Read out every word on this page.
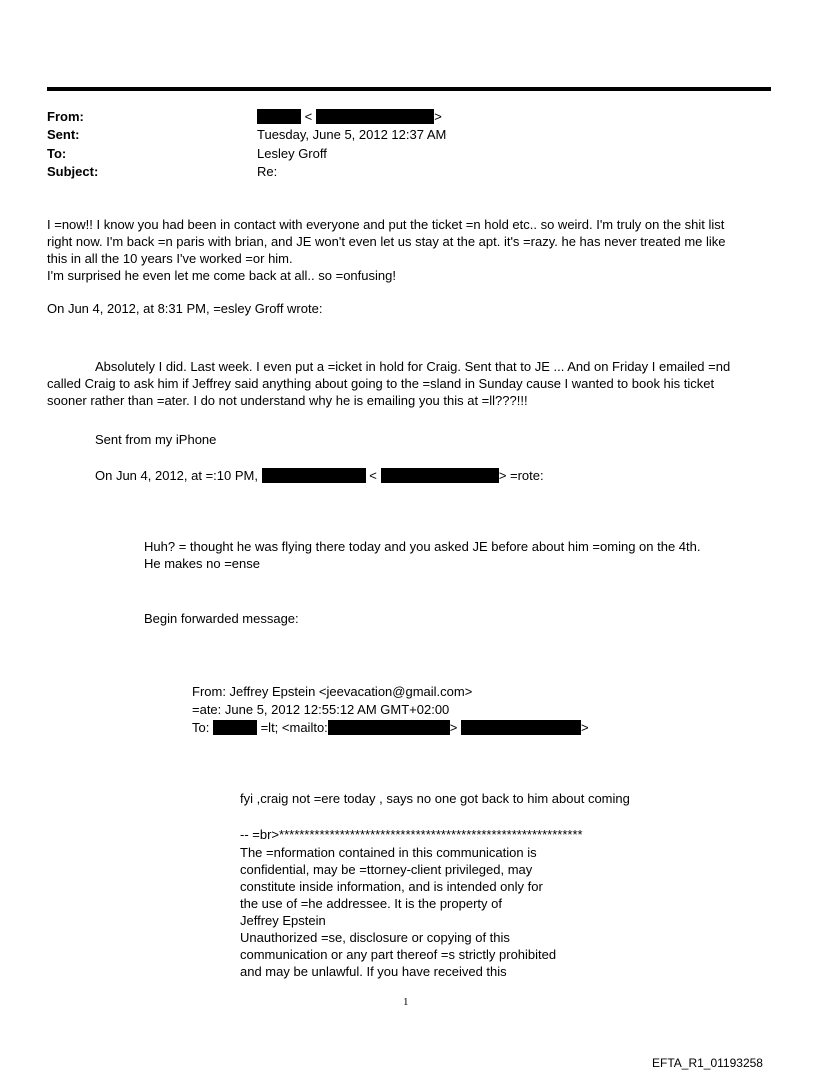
From:	<	>
Sent:	Tuesday, June 5, 2012 12:37 AM
To:	Lesley Groff
Subject:	Re:

I =now!! I know you had been in contact with everyone and put the ticket =n hold etc.. so weird. I'm truly on the shit list

right now. I'm back =n paris with brian, and JE won't even let us stay at the apt. it's =razy. he has never treated me like

this in all the 10 years I've worked =or him.

I'm surprised he even let me come back at all.. so =onfusing!

On Jun 4, 2012, at 8:31 PM, =esley Groff wrote:

Absolutely I did. Last week. I even put a =icket in hold for Craig. Sent that to JE ... And on Friday I emailed =nd

called Craig to ask him if Jeffrey said anything about going to the =sland in Sunday cause I wanted to book his ticket

sooner rather than =ater. I do not understand why he is emailing you this at =ll???!!!

Sent from my iPhone
On Jun 4, 2012, at =:10 PM,	<	> =rote:

Huh? = thought he was flying there today and you asked JE before about him =oming on the 4th.

He makes no =ense

Begin forwarded message:
From: Jeffrey Epstein <jeevacation@gmail.com>
=ate: June 5, 2012 12:55:12 AM GMT+02:00
To:	=lt; <mailto:	>	>
fyi ,craig not =ere today , says no one got back to him about coming
-- =br>************************************************************

The =nformation contained in this communication is

confidential, may be =ttorney-client privileged, may

constitute inside information, and is intended only for

the use of =he addressee. It is the property of

Jeffrey Epstein

Unauthorized =se, disclosure or copying of this

communication or any part thereof =s strictly prohibited

and may be unlawful. If you have received this

1
EFTA_R1_01193258
